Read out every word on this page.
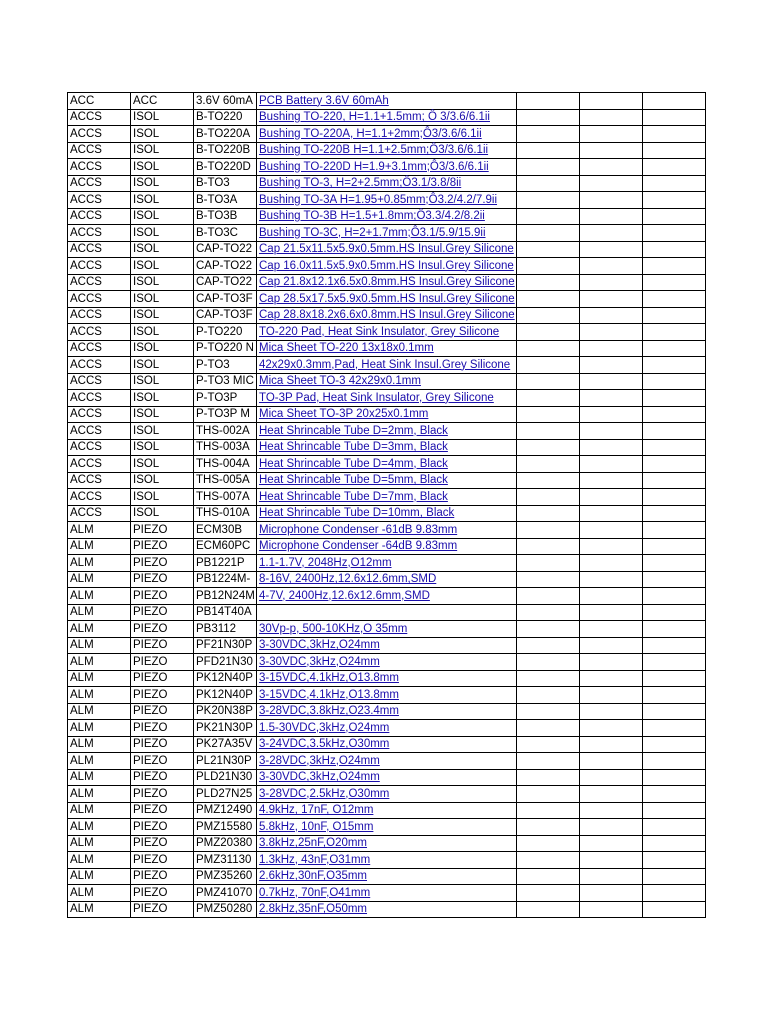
ACC	ACC	3.6V 60mA	PCB Battery 3.6V 60mAh			
ACCS	ISOL	B-TO220	Bushing TO-220, H=1.1+1.5mm; Ô 3/3.6/6.1ii			
ACCS	ISOL	B-TO220A	Bushing TO-220A, H=1.1+2mm;Ô3/3.6/6.1ii			
ACCS	ISOL	B-TO220B	Bushing TO-220B H=1.1+2.5mm;Ô3/3.6/6.1ii			
ACCS	ISOL	B-TO220D	Bushing TO-220D H=1.9+3.1mm;Ô3/3.6/6.1ii			
ACCS	ISOL	B-TO3	Bushing TO-3, H=2+2.5mm;Ô3.1/3.8/8ii			
ACCS	ISOL	B-TO3A	Bushing TO-3A H=1.95+0.85mm;Ô3.2/4.2/7.9ii			
ACCS	ISOL	B-TO3B	Bushing TO-3B H=1.5+1.8mm;Ô3.3/4.2/8.2ii			
ACCS	ISOL	B-TO3C	Bushing TO-3C, H=2+1.7mm;Ô3.1/5.9/15.9ii			
ACCS	ISOL	CAP-TO22	Cap 21.5x11.5x5.9x0.5mm.HS Insul.Grey Silicone			
ACCS	ISOL	CAP-TO22	Cap 16.0x11.5x5.9x0.5mm.HS Insul.Grey Silicone			
ACCS	ISOL	CAP-TO22	Cap 21.8x12.1x6.5x0.8mm.HS Insul.Grey Silicone			
ACCS	ISOL	CAP-TO3F	Cap 28.5x17.5x5.9x0.5mm.HS Insul.Grey Silicone			
ACCS	ISOL	CAP-TO3F	Cap 28.8x18.2x6.6x0.8mm.HS Insul.Grey Silicone			
ACCS	ISOL	P-TO220	TO-220 Pad, Heat Sink Insulator, Grey Silicone			
ACCS	ISOL	P-TO220 N	Mica Sheet TO-220 13x18x0.1mm			
ACCS	ISOL	P-TO3	42x29x0.3mm,Pad, Heat Sink Insul.Grey Silicone			
ACCS	ISOL	P-TO3 MIC	Mica Sheet TO-3 42x29x0.1mm			
ACCS	ISOL	P-TO3P	TO-3P Pad, Heat Sink Insulator, Grey Silicone			
ACCS	ISOL	P-TO3P M	Mica Sheet TO-3P 20x25x0.1mm			
ACCS	ISOL	THS-002A	Heat Shrincable Tube D=2mm, Black			
ACCS	ISOL	THS-003A	Heat Shrincable Tube D=3mm, Black			
ACCS	ISOL	THS-004A	Heat Shrincable Tube D=4mm, Black			
ACCS	ISOL	THS-005A	Heat Shrincable Tube D=5mm, Black			
ACCS	ISOL	THS-007A	Heat Shrincable Tube D=7mm, Black			
ACCS	ISOL	THS-010A	Heat Shrincable Tube D=10mm, Black			
ALM	PIEZO	ECM30B	Microphone Condenser -61dB 9.83mm			
ALM	PIEZO	ECM60PC	Microphone Condenser -64dB 9.83mm			
ALM	PIEZO	PB1221P	1.1-1.7V, 2048Hz,O12mm			
ALM	PIEZO	PB1224M-	8-16V, 2400Hz,12.6x12.6mm,SMD			
ALM	PIEZO	PB12N24M	4-7V, 2400Hz,12.6x12.6mm,SMD			
ALM	PIEZO	PB14T40A				
ALM	PIEZO	PB3112	30Vp-p, 500-10KHz,O 35mm			
ALM	PIEZO	PF21N30P	3-30VDC,3kHz,O24mm			
ALM	PIEZO	PFD21N30	3-30VDC,3kHz,O24mm			
ALM	PIEZO	PK12N40P	3-15VDC,4.1kHz,O13.8mm			
ALM	PIEZO	PK12N40P	3-15VDC,4.1kHz,O13.8mm			
ALM	PIEZO	PK20N38P	3-28VDC,3.8kHz,O23.4mm			
ALM	PIEZO	PK21N30P	1.5-30VDC,3kHz,O24mm			
ALM	PIEZO	PK27A35V	3-24VDC,3.5kHz,O30mm			
ALM	PIEZO	PL21N30P	3-28VDC,3kHz,O24mm			
ALM	PIEZO	PLD21N30	3-30VDC,3kHz,O24mm			
ALM	PIEZO	PLD27N25	3-28VDC,2.5kHz,O30mm			
ALM	PIEZO	PMZ12490	4.9kHz, 17nF, O12mm			
ALM	PIEZO	PMZ15580	5.8kHz, 10nF, O15mm			
ALM	PIEZO	PMZ20380	3.8kHz,25nF,O20mm			
ALM	PIEZO	PMZ31130	1.3kHz, 43nF,O31mm			
ALM	PIEZO	PMZ35260	2.6kHz,30nF,O35mm			
ALM	PIEZO	PMZ41070	0.7kHz, 70nF,O41mm			
ALM	PIEZO	PMZ50280	2.8kHz,35nF,O50mm			
